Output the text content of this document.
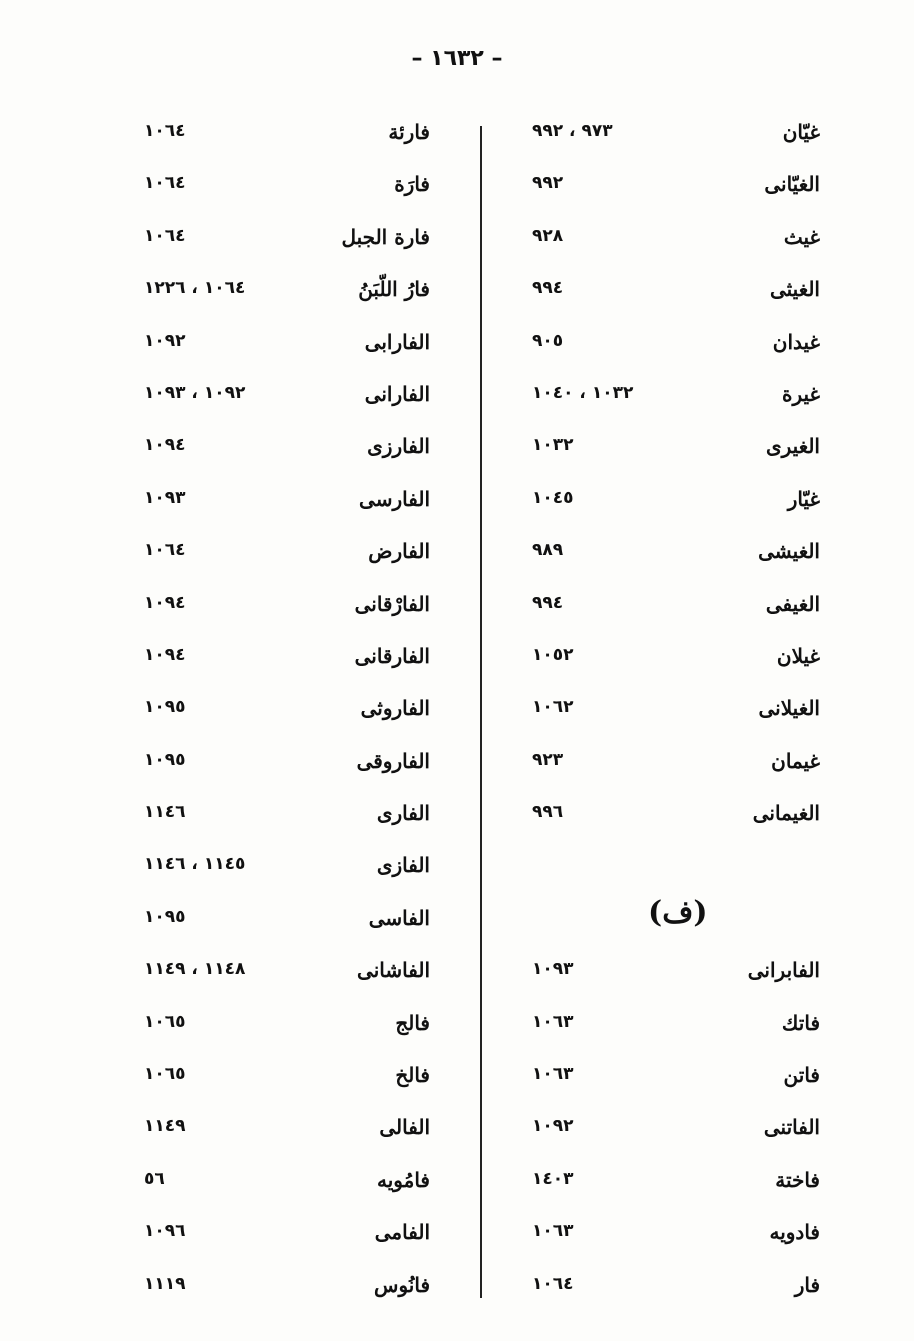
– ١٦٣٢ –
غيّان
٩٧٣ ، ٩٩٢
الغيّانى
٩٩٢
غيث
٩٢٨
الغيثى
٩٩٤
غيدان
٩٠٥
غيرة
١٠٣٢ ، ١٠٤٠
الغيرى
١٠٣٢
غيّار
١٠٤٥
الغيشى
٩٨٩
الغيفى
٩٩٤
غيلان
١٠٥٢
الغيلانى
١٠٦٢
غيمان
٩٢٣
الغيمانى
٩٩٦
(ف)
الفابرانى
١٠٩٣
فاتك
١٠٦٣
فاتن
١٠٦٣
الفاتنى
١٠٩٢
فاختة
١٤٠٣
فادويه
١٠٦٣
فار
١٠٦٤
فارئة
١٠٦٤
فارَة
١٠٦٤
فارة الجبل
١٠٦٤
فارُ اللّبَنُ
١٠٦٤ ، ١٢٢٦
الفارابى
١٠٩٢
الفارانى
١٠٩٢ ، ١٠٩٣
الفارزى
١٠٩٤
الفارسى
١٠٩٣
الفارض
١٠٦٤
الفارْقانى
١٠٩٤
الفارقانى
١٠٩٤
الفاروثى
١٠٩٥
الفاروقى
١٠٩٥
الفارى
١١٤٦
الفازى
١١٤٥ ، ١١٤٦
الفاسى
١٠٩٥
الفاشانى
١١٤٨ ، ١١٤٩
فالج
١٠٦٥
فالخ
١٠٦٥
الفالى
١١٤٩
فامُويه
٥٦
الفامى
١٠٩٦
فانُوس
١١١٩
